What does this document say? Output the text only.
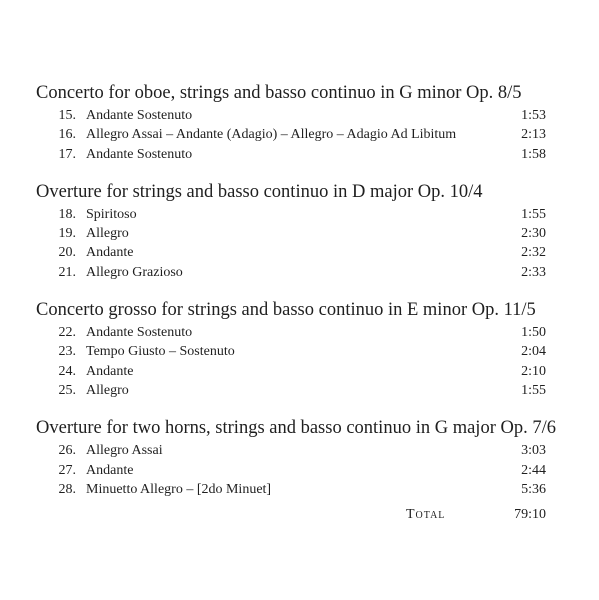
Concerto for oboe, strings and basso continuo in G minor Op. 8/5
15. Andante Sostenuto	1:53
16. Allegro Assai – Andante (Adagio) – Allegro – Adagio Ad Libitum	2:13
17. Andante Sostenuto	1:58
Overture for strings and basso continuo in D major Op. 10/4
18. Spiritoso	1:55
19. Allegro	2:30
20. Andante	2:32
21. Allegro Grazioso	2:33
Concerto grosso for strings and basso continuo in E minor Op. 11/5
22. Andante Sostenuto	1:50
23. Tempo Giusto – Sostenuto	2:04
24. Andante	2:10
25. Allegro	1:55
Overture for two horns, strings and basso continuo in G major Op. 7/6
26. Allegro Assai	3:03
27. Andante	2:44
28. Minuetto Allegro – [2do Minuet]	5:36
Total	79:10
